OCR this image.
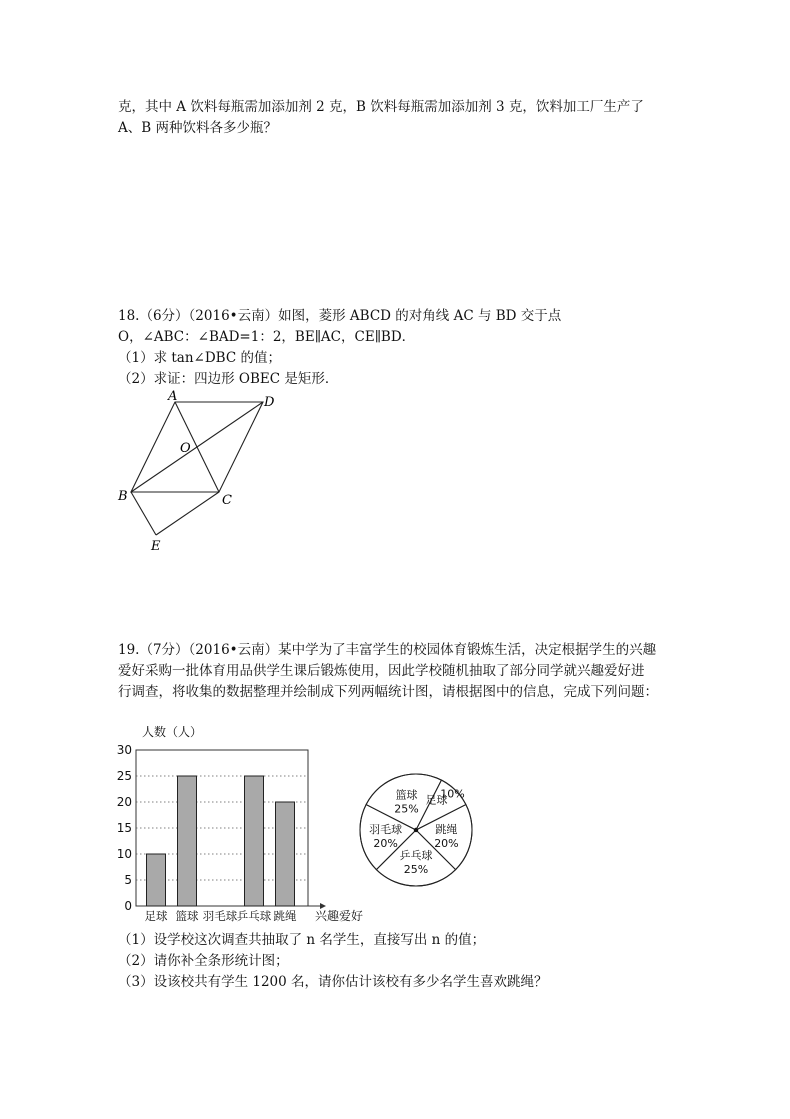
克，其中 A 饮料每瓶需加添加剂 2 克，B 饮料每瓶需加添加剂 3 克，饮料加工厂生产了
A、B 两种饮料各多少瓶？
18.（6分）（2016•云南）如图，菱形 ABCD 的对角线 AC 与 BD 交于点
O，∠ABC：∠BAD=1：2，BE∥AC，CE∥BD．
（1）求 tan∠DBC 的值；
（2）求证：四边形 OBEC 是矩形．
A	D
O
B	C
E
19.（7分）（2016•云南）某中学为了丰富学生的校园体育锻炼生活，决定根据学生的兴趣
爱好采购一批体育用品供学生课后锻炼使用，因此学校随机抽取了部分同学就兴趣爱好进
行调查，将收集的数据整理并绘制成下列两幅统计图，请根据图中的信息，完成下列问题：
0
5
10
15
20
25
30
人数（人）
足球 篮球 羽毛球 乒乓球 跳绳 兴趣爱好
篮球
25%
足球
10%
跳绳
20%
乒乓球
25%
羽毛球
20%
（1）设学校这次调查共抽取了 n 名学生，直接写出 n 的值；
（2）请你补全条形统计图；
（3）设该校共有学生 1200 名，请你估计该校有多少名学生喜欢跳绳？
